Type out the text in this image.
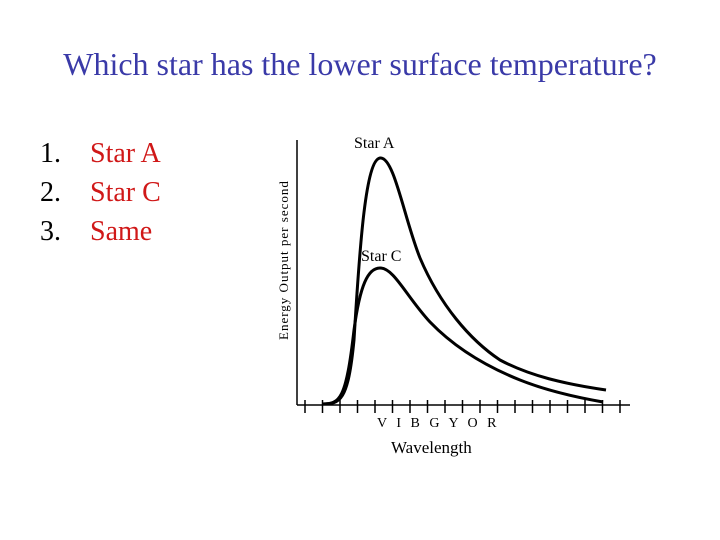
Which star has the lower surface temperature?
1. Star A
2. Star C
3. Same	Energy Output per second
Star A
Star C
V I B G Y O R
Wavelength
